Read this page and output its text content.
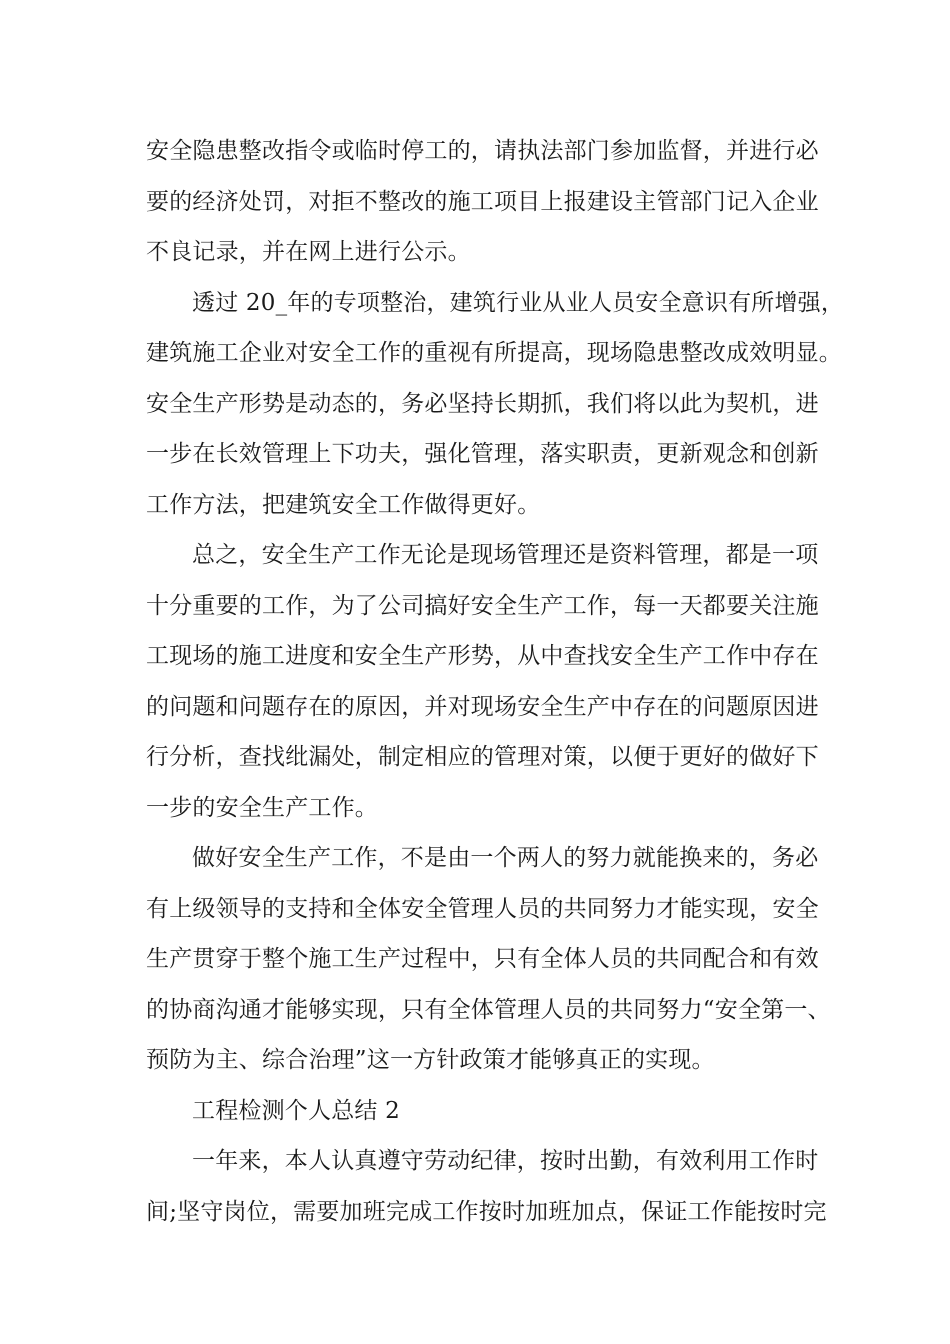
安全隐患整改指令或临时停工的，请执法部门参加监督，并进行必
要的经济处罚，对拒不整改的施工项目上报建设主管部门记入企业
不良记录，并在网上进行公示。
透过 20_年的专项整治，建筑行业从业人员安全意识有所增强，
建筑施工企业对安全工作的重视有所提高，现场隐患整改成效明显。
安全生产形势是动态的，务必坚持长期抓，我们将以此为契机，进
一步在长效管理上下功夫，强化管理，落实职责，更新观念和创新
工作方法，把建筑安全工作做得更好。
总之，安全生产工作无论是现场管理还是资料管理，都是一项
十分重要的工作，为了公司搞好安全生产工作，每一天都要关注施
工现场的施工进度和安全生产形势，从中查找安全生产工作中存在
的问题和问题存在的原因，并对现场安全生产中存在的问题原因进
行分析，查找纰漏处，制定相应的管理对策，以便于更好的做好下
一步的安全生产工作。
做好安全生产工作，不是由一个两人的努力就能换来的，务必
有上级领导的支持和全体安全管理人员的共同努力才能实现，安全
生产贯穿于整个施工生产过程中，只有全体人员的共同配合和有效
的协商沟通才能够实现，只有全体管理人员的共同努力“安全第一、
预防为主、综合治理”这一方针政策才能够真正的实现。
工程检测个人总结 2
一年来，本人认真遵守劳动纪律，按时出勤，有效利用工作时
间;坚守岗位，需要加班完成工作按时加班加点，保证工作能按时完
